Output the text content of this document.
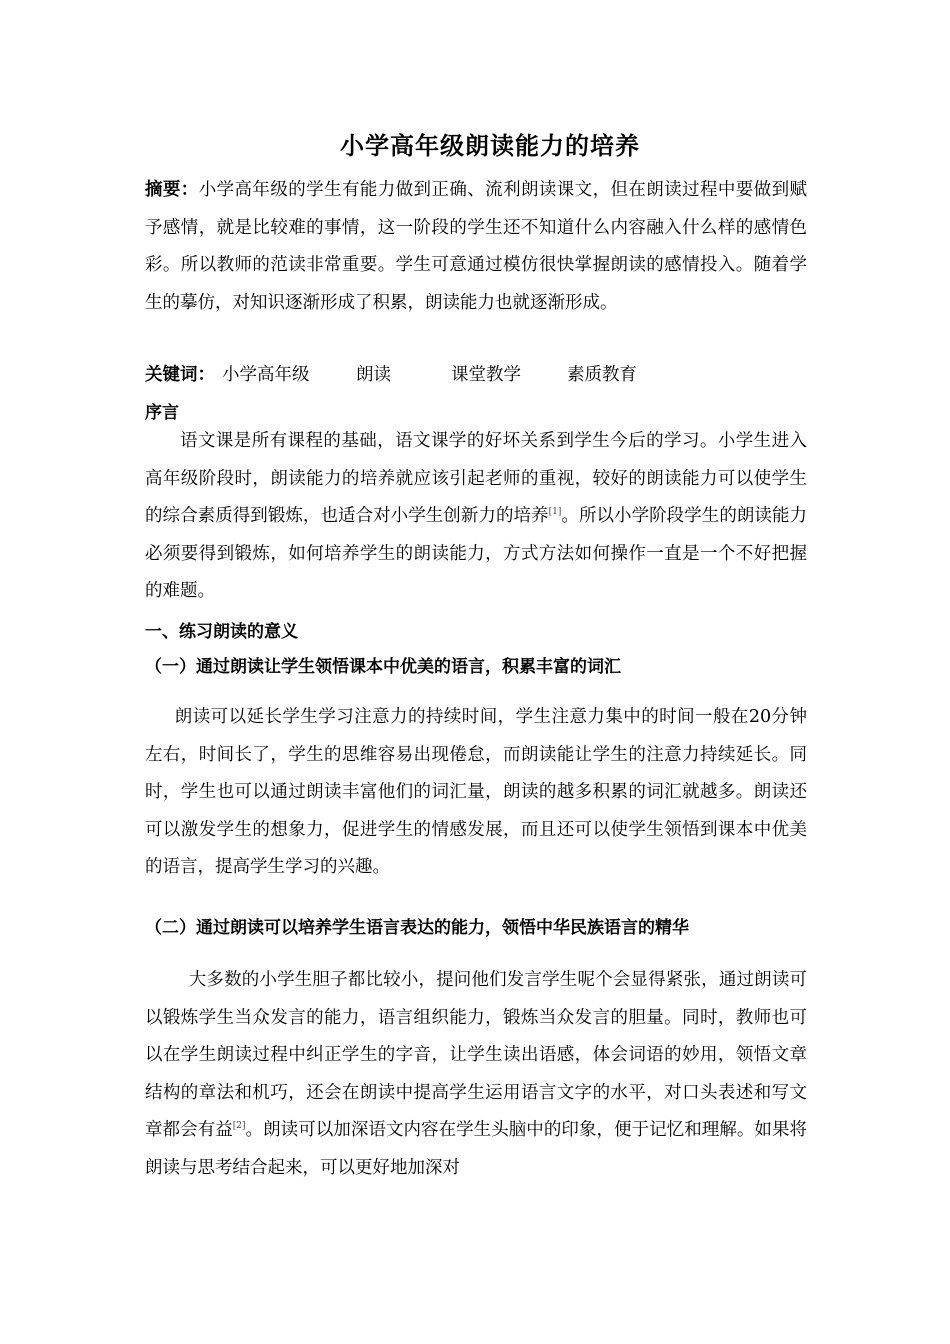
小学高年级朗读能力的培养
摘要：小学高年级的学生有能力做到正确、流利朗读课文，但在朗读过程中要做到赋予感情，就是比较难的事情，这一阶段的学生还不知道什么内容融入什么样的感情色彩。所以教师的范读非常重要。学生可意通过模仿很快掌握朗读的感情投入。随着学生的摹仿，对知识逐渐形成了积累，朗读能力也就逐渐形成。
关键词： 小学高年级	朗读	课堂教学	素质教育
序言
语文课是所有课程的基础，语文课学的好坏关系到学生今后的学习。小学生进入高年级阶段时，朗读能力的培养就应该引起老师的重视，较好的朗读能力可以使学生的综合素质得到锻炼，也适合对小学生创新力的培养[1]。所以小学阶段学生的朗读能力必须要得到锻炼，如何培养学生的朗读能力，方式方法如何操作一直是一个不好把握的难题。
一、练习朗读的意义
（一）通过朗读让学生领悟课本中优美的语言，积累丰富的词汇
朗读可以延长学生学习注意力的持续时间，学生注意力集中的时间一般在20分钟左右，时间长了，学生的思维容易出现倦怠，而朗读能让学生的注意力持续延长。同时，学生也可以通过朗读丰富他们的词汇量，朗读的越多积累的词汇就越多。朗读还可以激发学生的想象力，促进学生的情感发展，而且还可以使学生领悟到课本中优美的语言，提高学生学习的兴趣。
（二）通过朗读可以培养学生语言表达的能力，领悟中华民族语言的精华
大多数的小学生胆子都比较小，提问他们发言学生呢个会显得紧张，通过朗读可以锻炼学生当众发言的能力，语言组织能力，锻炼当众发言的胆量。同时，教师也可以在学生朗读过程中纠正学生的字音，让学生读出语感，体会词语的妙用，领悟文章结构的章法和机巧，还会在朗读中提高学生运用语言文字的水平，对口头表述和写文章都会有益[2]。朗读可以加深语文内容在学生头脑中的印象，便于记忆和理解。如果将朗读与思考结合起来，可以更好地加深对
